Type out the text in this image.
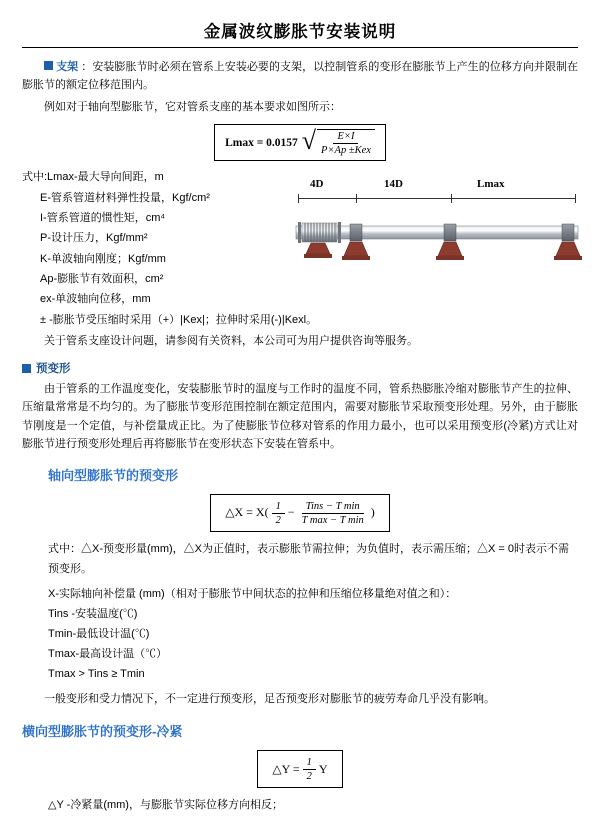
金属波纹膨胀节安装说明
支架 ：安装膨胀节时必须在管系上安装必要的支架，以控制管系的变形在膨胀节上产生的位移方向并限制在膨胀节的额定位移范围内。
例如对于轴向型膨胀节，它对管系支座的基本要求如图所示：
Lmax = 0.0157 √ $\frac{E\times I}{\text{P×Ap ±Kex}}$
式中:Lmax-最大导向间距，m
E-管系管道材料弹性投量，Kgf/cm²
I-管系管道的惯性矩，cm⁴
P-设计压力，Kgf/mm²
K-单波轴向刚度；Kgf/mm
Ap-膨胀节有效面积，cm²
ex-单波轴向位移，mm
± -膨胀节受压缩时采用（+）|Kex|；拉伸时采用(-)|Kexl。
4D	14D	Lmax
关于管系支座设计问题，请参阅有关资料，本公司可为用户提供咨询等服务。
预变形
由于管系的工作温度变化，安装膨胀节时的温度与工作时的温度不同，管系热膨胀冷缩对膨胀节产生的拉伸、压缩量常常是不均匀的。为了膨胀节变形范围控制在额定范围内，需要对膨胀节采取预变形处理。另外，由于膨胀节刚度是一个定值，与补偿量成正比。为了使膨胀节位移对管系的作用力最小，也可以采用预变形(冷紧)方式让对膨胀节进行预变形处理后再将膨胀节在变形状态下安装在管系中。
轴向型膨胀节的预变形
△X = $X( \frac{1}{2} - \frac{\text{Tins − T min}}{\text{T max − T min}}$ )
式中：△X-预变形量(mm)，△X为正值时，表示膨胀节需拉伸；为负值时，表示需压缩；△X = 0时表示不需预变形。
X-实际轴向补偿量 (mm)（相对于膨胀节中间状态的拉伸和压缩位移量绝对值之和）：
Tins -安装温度(℃)
Tmin-最低设计温(℃)
Tmax-最高设计温（℃）
Tmax > Tins ≥ Tmin
一般变形和受力情况下，不一定进行预变形，足否预变形对膨胀节的疲劳寿命几乎没有影响。
横向型膨胀节的预变形-冷紧
△Y = $\frac{1}{2}$ Y
△Y -冷紧量(mm)，与膨胀节实际位移方向相反；
